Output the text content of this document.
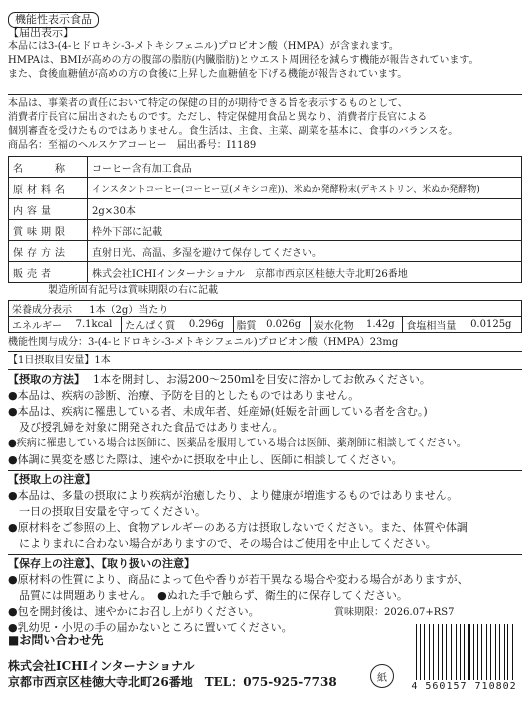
機能性表示食品
【届出表示】
本品には3-(4-ヒドロキシ-3-メトキシフェニル)プロピオン酸（HMPA）が含まれます。
HMPAは、BMIが高めの方の腹部の脂肪(内臓脂肪)とウエスト周囲径を減らす機能が報告されています。
また、食後血糖値が高めの方の食後に上昇した血糖値を下げる機能が報告されています。
本品は、事業者の責任において特定の保健の目的が期待できる旨を表示するものとして、
消費者庁長官に届出されたものです。ただし、特定保健用食品と異なり、消費者庁長官による
個別審査を受けたものではありません。食生活は、主食、主菜、副菜を基本に、食事のバランスを。
商品名：至福のヘルスケアコーヒー　届出番号：I1189
名　　称	コーヒー含有加工食品
原材料名	インスタントコーヒー(コーヒー豆(メキシコ産))、米ぬか発酵粉末(デキストリン、米ぬか発酵物)
内容量	2g×30本
賞味期限	枠外下部に記載
保存方法	直射日光、高温、多湿を避けて保存してください。
販売者	株式会社ICHIインターナショナル　京都市西京区桂徳大寺北町26番地
製造所固有記号は賞味期限の右に記載
栄養成分表示 1本（2g）当たり
エネルギー	7.1kcal	たんぱく質	0.296g	脂質	0.026g	炭水化物	1.42g	食塩相当量	0.0125g
機能性関与成分：3-(4-ヒドロキシ-3-メトキシフェニル)プロピオン酸（HMPA）23mg
【1日摂取目安量】1本
【摂取の方法】 1本を開封し、お湯200〜250mlを目安に溶かしてお飲みください。
●本品は、疾病の診断、治療、予防を目的としたものではありません。
●本品は、疾病に罹患している者、未成年者、妊産婦(妊娠を計画している者を含む。)
　及び授乳婦を対象に開発された食品ではありません。
●疾病に罹患している場合は医師に、医薬品を服用している場合は医師、薬剤師に相談してください。
●体調に異変を感じた際は、速やかに摂取を中止し、医師に相談してください。
【摂取上の注意】
●本品は、多量の摂取により疾病が治癒したり、より健康が増進するものではありません。
　一日の摂取目安量を守ってください。
●原材料をご参照の上、食物アレルギーのある方は摂取しないでください。また、体質や体調
　によりまれに合わない場合がありますので、その場合はご使用を中止してください。
【保存上の注意】、【取り扱いの注意】
●原材料の性質により、商品によって色や香りが若干異なる場合や変わる場合がありますが、
　品質には問題ありません。　●ぬれた手で触らず、衛生的に保存してください。
●包を開封後は、速やかにお召し上がりください。
●乳幼児・小児の手の届かないところに置いてください。
賞味期限：2026.07+RS7
■お問い合わせ先
株式会社ICHIインターナショナル
京都市西京区桂徳大寺北町26番地　TEL：075-925-7738	紙
4 560157 710802
